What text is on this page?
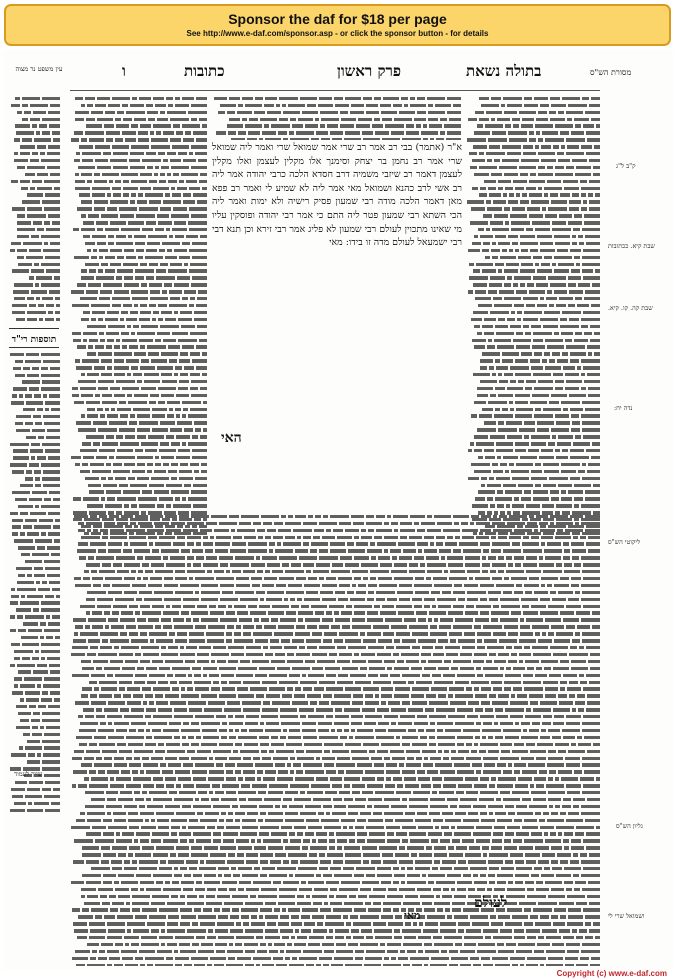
Sponsor the daf for $18 per page
See http://www.e-daf.com/sponsor.asp - or click the sponsor button - for details
מסורת הש"ס
בתולה נשאת
פרק ראשון
כתובות
ו
עין משפט נר מצוה
א"ר (אתמר) בבי רב אמר רב שרי אמר שמואל שרי ואמר ליה שמואל שרי אמר רב נחמן בר יצחק וסימנך אלו מקלין לעצמן ואלו מקלין לעצמן דאמר רב שיזבי משמיה דרב חסדא הלכה כרבי יהודה אמר ליה רב אשי לרב כהנא ושמואל מאי אמר ליה לא שמיע לי ואמר רב פפא מאן דאמר הלכה מודה רבי שמעון פסיק רישיה ולא ימות ואמר ליה הכי השתא רבי שמעון פטר ליה התם כי אמר רבי יהודה ופוסקין עליו מי שאינו מתכוין לעולם רבי שמעון לא פליג אמר רבי זירא וכן תנא דבי רבי ישמעאל לעולם מדה זו בידו: מאי
תוספות רי"ד
האי
לעולם
מאי
ק"ב ל"ג
שבת קיא. ככתובות
שבת קה. קו. קיא.
נדה יח:
ליקוטי הש"ס
גליון הש"ס
שייך לעמוד
ושמואל שרי לי
Copyright (c) www.e-daf.com
